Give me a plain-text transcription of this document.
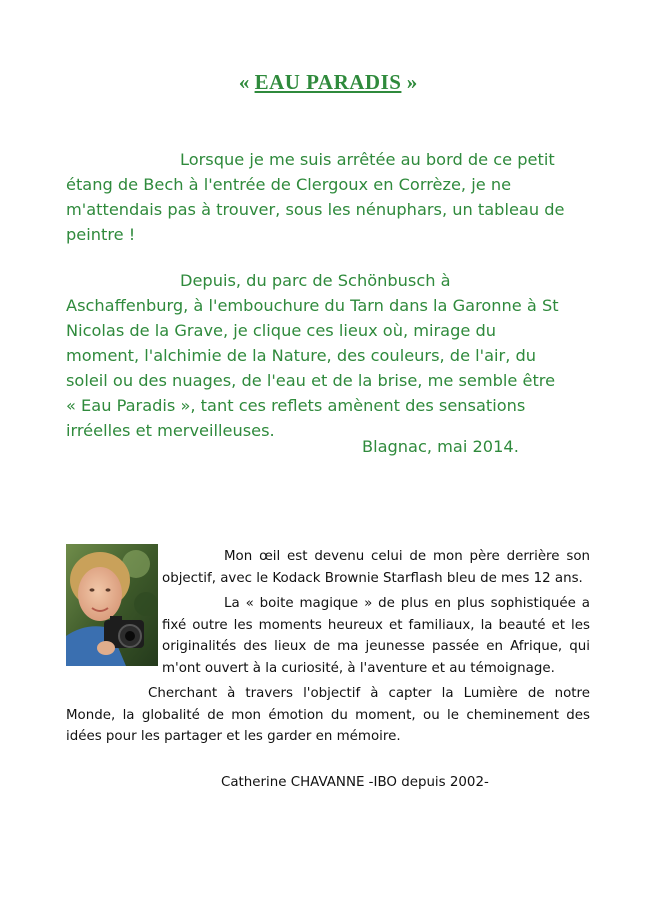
« EAU PARADIS »

Lorsque je me suis arrêtée au bord de ce petit étang de Bech à l'entrée de Clergoux en Corrèze, je ne m'attendais pas à trouver, sous les nénuphars, un tableau de peintre !

Depuis, du parc de Schönbusch à Aschaffenburg, à l'embouchure du Tarn dans la Garonne à St Nicolas de la Grave, je clique ces lieux où, mirage du moment, l'alchimie de la Nature, des couleurs, de l'air, du soleil ou des nuages, de l'eau et de la brise, me semble être « Eau Paradis », tant ces reflets amènent des sensations irréelles et merveilleuses.

Blagnac, mai 2014.

Mon œil est devenu celui de mon père derrière son objectif, avec le Kodack Brownie Starflash bleu de mes 12 ans.

La « boite magique » de plus en plus sophistiquée a fixé outre les moments heureux et familiaux, la beauté et les originalités des lieux de ma jeunesse passée en Afrique, qui m'ont ouvert à la curiosité, à l'aventure et au témoignage.

Cherchant à travers l'objectif à capter la Lumière de notre Monde, la globalité de mon émotion du moment, ou le cheminement des idées pour les partager et les garder en mémoire.

Catherine CHAVANNE -IBO depuis 2002-
